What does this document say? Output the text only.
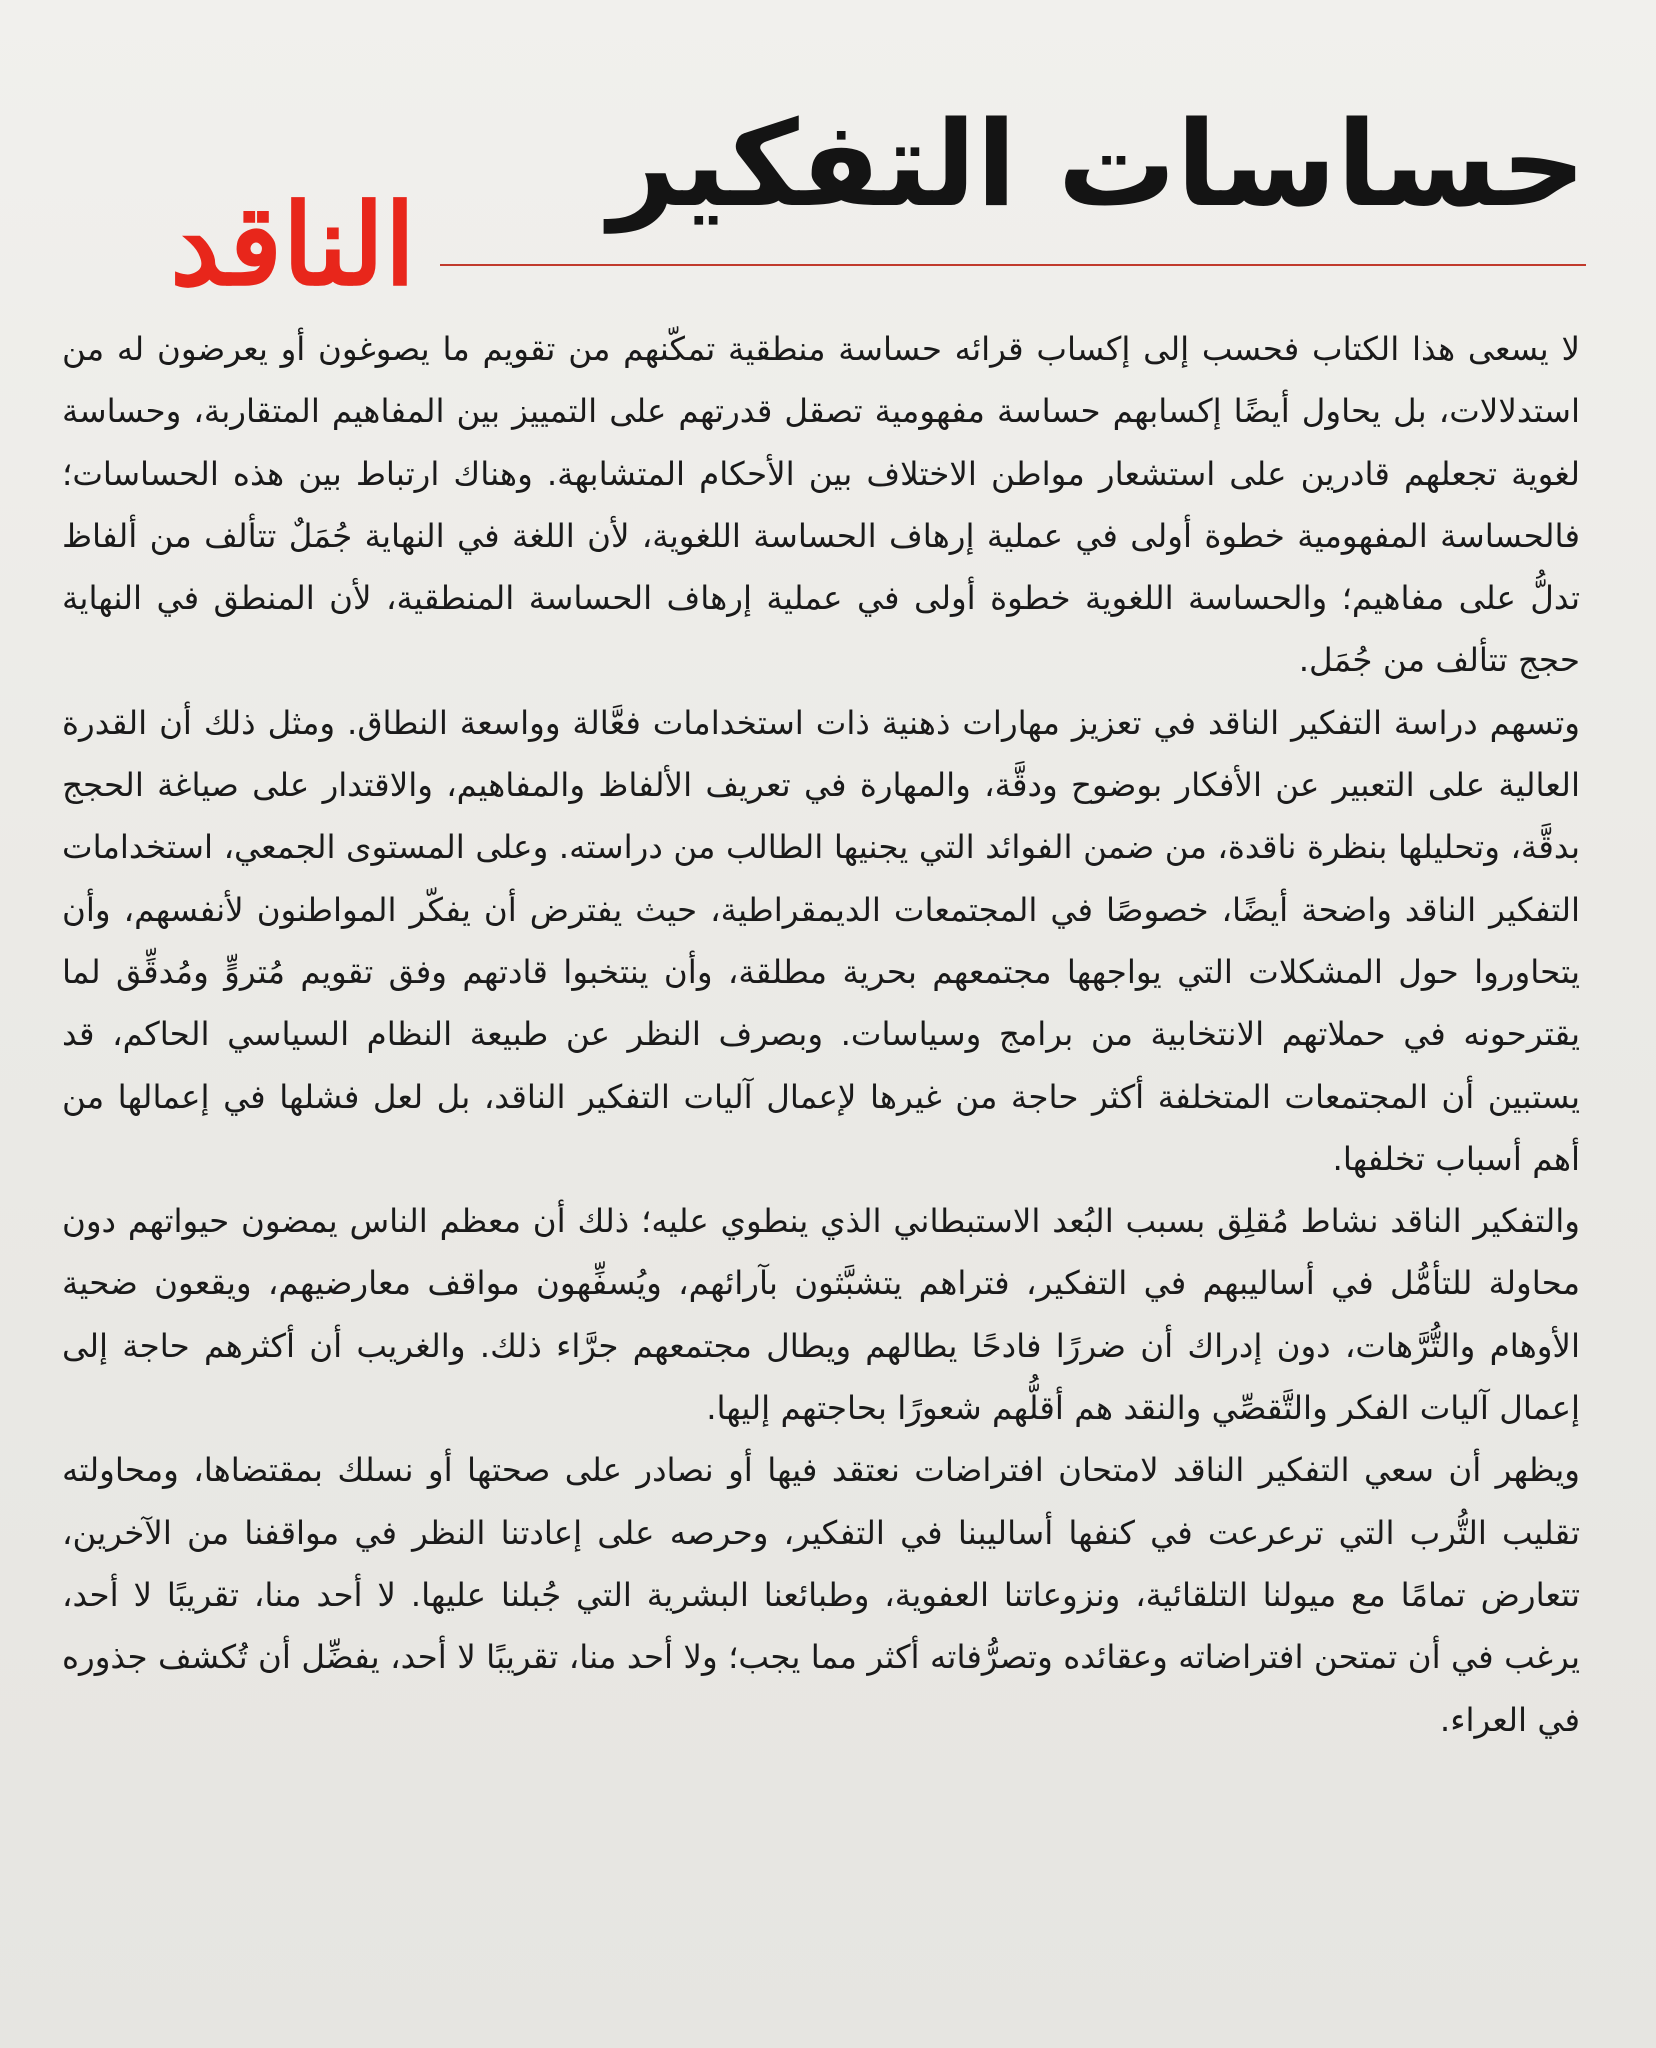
حساسات التفكير
الناقد

لا يسعى هذا الكتاب فحسب إلى إكساب قرائه حساسة منطقية تمكّنهم من تقويم ما يصوغون أو يعرضون له من استدلالات، بل يحاول أيضًا إكسابهم حساسة مفهومية تصقل قدرتهم على التمييز بين المفاهيم المتقاربة، وحساسة لغوية تجعلهم قادرين على استشعار مواطن الاختلاف بين الأحكام المتشابهة. وهناك ارتباط بين هذه الحساسات؛ فالحساسة المفهومية خطوة أولى في عملية إرهاف الحساسة اللغوية، لأن اللغة في النهاية جُمَلٌ تتألف من ألفاظ تدلُّ على مفاهيم؛ والحساسة اللغوية خطوة أولى في عملية إرهاف الحساسة المنطقية، لأن المنطق في النهاية حجج تتألف من جُمَل.

وتسهم دراسة التفكير الناقد في تعزيز مهارات ذهنية ذات استخدامات فعَّالة وواسعة النطاق. ومثل ذلك أن القدرة العالية على التعبير عن الأفكار بوضوح ودقَّة، والمهارة في تعريف الألفاظ والمفاهيم، والاقتدار على صياغة الحجج بدقَّة، وتحليلها بنظرة ناقدة، من ضمن الفوائد التي يجنيها الطالب من دراسته. وعلى المستوى الجمعي، استخدامات التفكير الناقد واضحة أيضًا، خصوصًا في المجتمعات الديمقراطية، حيث يفترض أن يفكّر المواطنون لأنفسهم، وأن يتحاوروا حول المشكلات التي يواجهها مجتمعهم بحرية مطلقة، وأن ينتخبوا قادتهم وفق تقويم مُتروٍّ ومُدقِّق لما يقترحونه في حملاتهم الانتخابية من برامج وسياسات. وبصرف النظر عن طبيعة النظام السياسي الحاكم، قد يستبين أن المجتمعات المتخلفة أكثر حاجة من غيرها لإعمال آليات التفكير الناقد، بل لعل فشلها في إعمالها من أهم أسباب تخلفها.

والتفكير الناقد نشاط مُقلِق بسبب البُعد الاستبطاني الذي ينطوي عليه؛ ذلك أن معظم الناس يمضون حيواتهم دون محاولة للتأمُّل في أساليبهم في التفكير، فتراهم يتشبَّثون بآرائهم، ويُسفِّهون مواقف معارضيهم، ويقعون ضحية الأوهام والتُّرَّهات، دون إدراك أن ضررًا فادحًا يطالهم ويطال مجتمعهم جرَّاء ذلك. والغريب أن أكثرهم حاجة إلى إعمال آليات الفكر والتَّقصِّي والنقد هم أقلُّهم شعورًا بحاجتهم إليها.

ويظهر أن سعي التفكير الناقد لامتحان افتراضات نعتقد فيها أو نصادر على صحتها أو نسلك بمقتضاها، ومحاولته تقليب التُّرب التي ترعرعت في كنفها أساليبنا في التفكير، وحرصه على إعادتنا النظر في مواقفنا من الآخرين، تتعارض تمامًا مع ميولنا التلقائية، ونزوعاتنا العفوية، وطبائعنا البشرية التي جُبلنا عليها. لا أحد منا، تقريبًا لا أحد، يرغب في أن تمتحن افتراضاته وعقائده وتصرُّفاته أكثر مما يجب؛ ولا أحد منا، تقريبًا لا أحد، يفضِّل أن تُكشف جذوره في العراء.
